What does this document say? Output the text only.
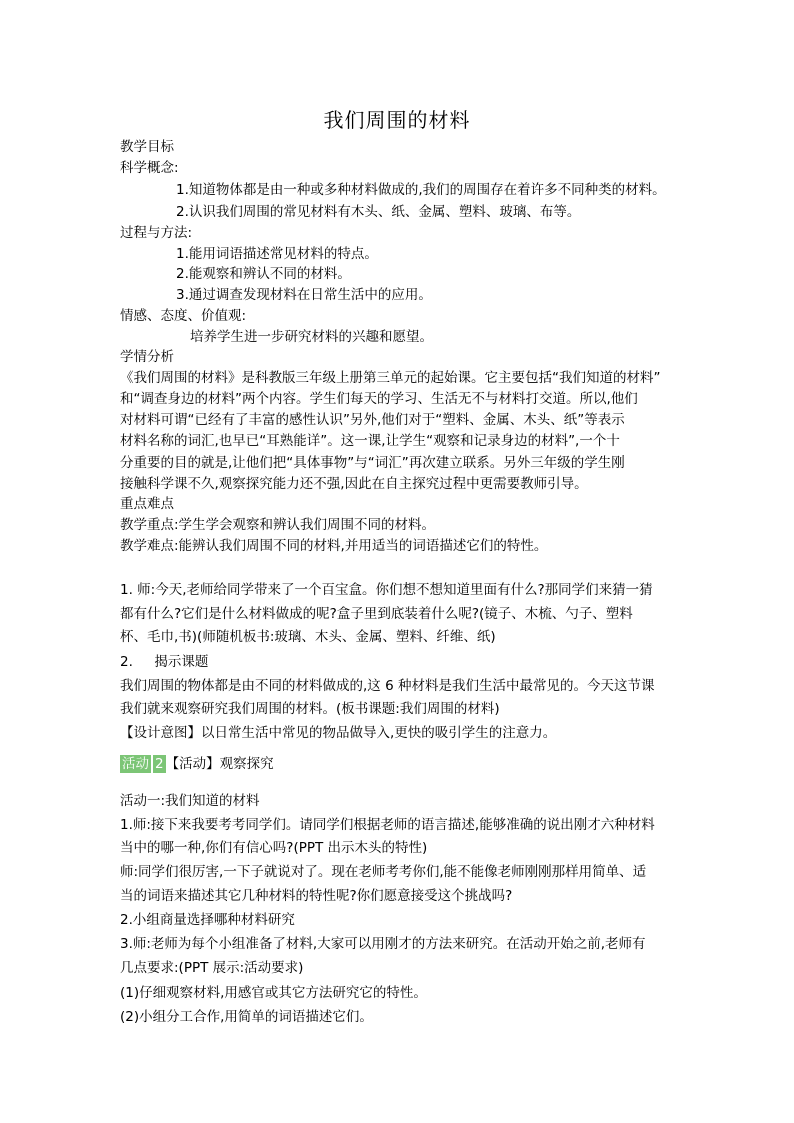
我们周围的材料
教学目标
科学概念:
1.知道物体都是由一种或多种材料做成的,我们的周围存在着许多不同种类的材料。
2.认识我们周围的常见材料有木头、纸、金属、塑料、玻璃、布等。
过程与方法:
1.能用词语描述常见材料的特点。
2.能观察和辨认不同的材料。
3.通过调查发现材料在日常生活中的应用。
情感、态度、价值观:
培养学生进一步研究材料的兴趣和愿望。
学情分析
《我们周围的材料》是科教版三年级上册第三单元的起始课。它主要包括“我们知道的材料”
和“调查身边的材料”两个内容。学生们每天的学习、生活无不与材料打交道。所以,他们
对材料可谓“已经有了丰富的感性认识”另外,他们对于“塑料、金属、木头、纸”等表示
材料名称的词汇,也早已“耳熟能详”。这一课,让学生“观察和记录身边的材料”,一个十
分重要的目的就是,让他们把“具体事物”与“词汇”再次建立联系。另外三年级的学生刚
接触科学课不久,观察探究能力还不强,因此在自主探究过程中更需要教师引导。
重点难点
教学重点:学生学会观察和辨认我们周围不同的材料。
教学难点:能辨认我们周围不同的材料,并用适当的词语描述它们的特性。
1. 师:今天,老师给同学带来了一个百宝盒。你们想不想知道里面有什么?那同学们来猜一猜
都有什么?它们是什么材料做成的呢?盒子里到底装着什么呢?(镜子、木梳、勺子、塑料
杯、毛巾,书)(师随机板书:玻璃、木头、金属、塑料、纤维、纸)
2.     揭示课题
我们周围的物体都是由不同的材料做成的,这 6 种材料是我们生活中最常见的。今天这节课
我们就来观察研究我们周围的材料。(板书课题:我们周围的材料)
【设计意图】以日常生活中常见的物品做导入,更快的吸引学生的注意力。
活动 2 【活动】观察探究
活动一:我们知道的材料
1.师:接下来我要考考同学们。请同学们根据老师的语言描述,能够准确的说出刚才六种材料
当中的哪一种,你们有信心吗?(PPT 出示木头的特性)
师:同学们很厉害,一下子就说对了。现在老师考考你们,能不能像老师刚刚那样用简单、适
当的词语来描述其它几种材料的特性呢?你们愿意接受这个挑战吗?
2.小组商量选择哪种材料研究
3.师:老师为每个小组准备了材料,大家可以用刚才的方法来研究。在活动开始之前,老师有
几点要求:(PPT 展示:活动要求)
(1)仔细观察材料,用感官或其它方法研究它的特性。
(2)小组分工合作,用简单的词语描述它们。
